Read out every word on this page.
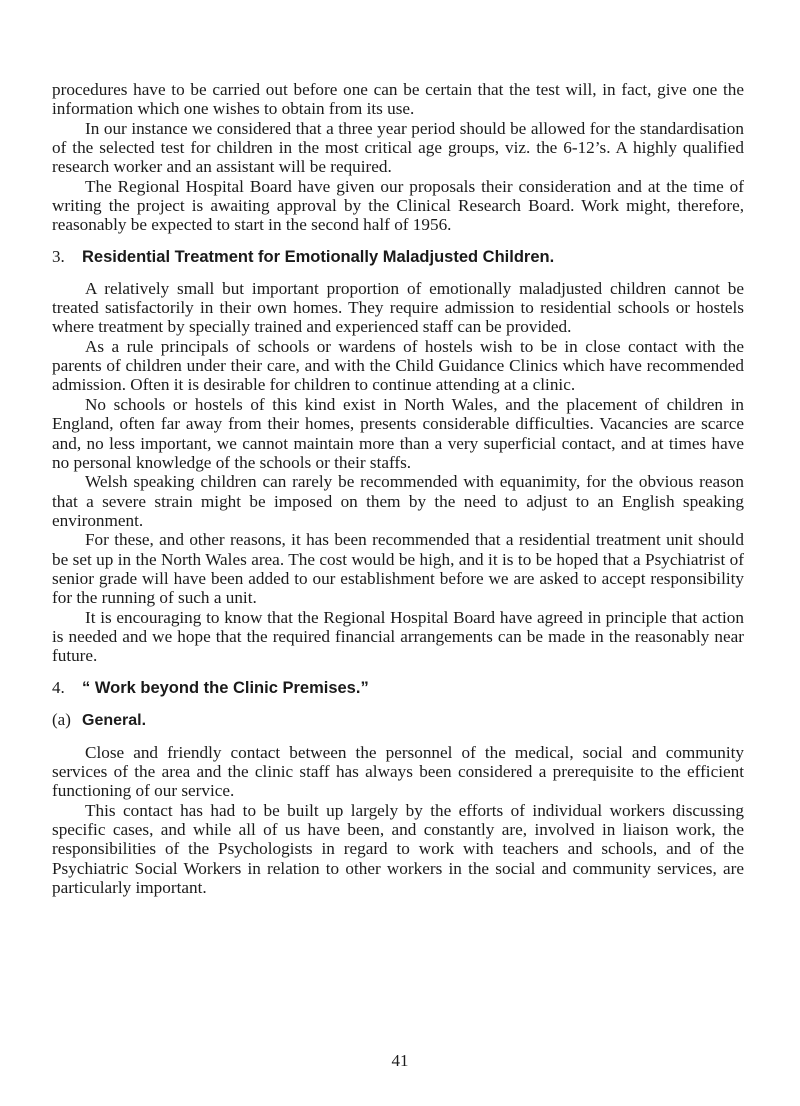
procedures have to be carried out before one can be certain that the test will, in fact, give one the information which one wishes to obtain from its use.

In our instance we considered that a three year period should be allowed for the standardisation of the selected test for children in the most critical age groups, viz. the 6-12’s. A highly qualified research worker and an assistant will be required.

The Regional Hospital Board have given our proposals their consideration and at the time of writing the project is awaiting approval by the Clinical Research Board. Work might, therefore, reasonably be expected to start in the second half of 1956.

3. Residential Treatment for Emotionally Maladjusted Children.

A relatively small but important proportion of emotionally maladjusted children cannot be treated satisfactorily in their own homes. They require admission to residential schools or hostels where treatment by specially trained and experienced staff can be provided.

As a rule principals of schools or wardens of hostels wish to be in close contact with the parents of children under their care, and with the Child Guidance Clinics which have recommended admission. Often it is desirable for children to continue attending at a clinic.

No schools or hostels of this kind exist in North Wales, and the placement of children in England, often far away from their homes, presents considerable difficulties. Vacancies are scarce and, no less important, we cannot maintain more than a very superficial contact, and at times have no personal knowledge of the schools or their staffs.

Welsh speaking children can rarely be recommended with equanimity, for the obvious reason that a severe strain might be imposed on them by the need to adjust to an English speaking environment.

For these, and other reasons, it has been recommended that a residential treatment unit should be set up in the North Wales area. The cost would be high, and it is to be hoped that a Psychiatrist of senior grade will have been added to our establishment before we are asked to accept responsibility for the running of such a unit.

It is encouraging to know that the Regional Hospital Board have agreed in principle that action is needed and we hope that the required financial arrangements can be made in the reasonably near future.

4. “ Work beyond the Clinic Premises.”
(a) General.

Close and friendly contact between the personnel of the medical, social and community services of the area and the clinic staff has always been considered a prerequisite to the efficient functioning of our service.

This contact has had to be built up largely by the efforts of individual workers discussing specific cases, and while all of us have been, and constantly are, involved in liaison work, the responsibilities of the Psychologists in regard to work with teachers and schools, and of the Psychiatric Social Workers in relation to other workers in the social and community services, are particularly important.

41
